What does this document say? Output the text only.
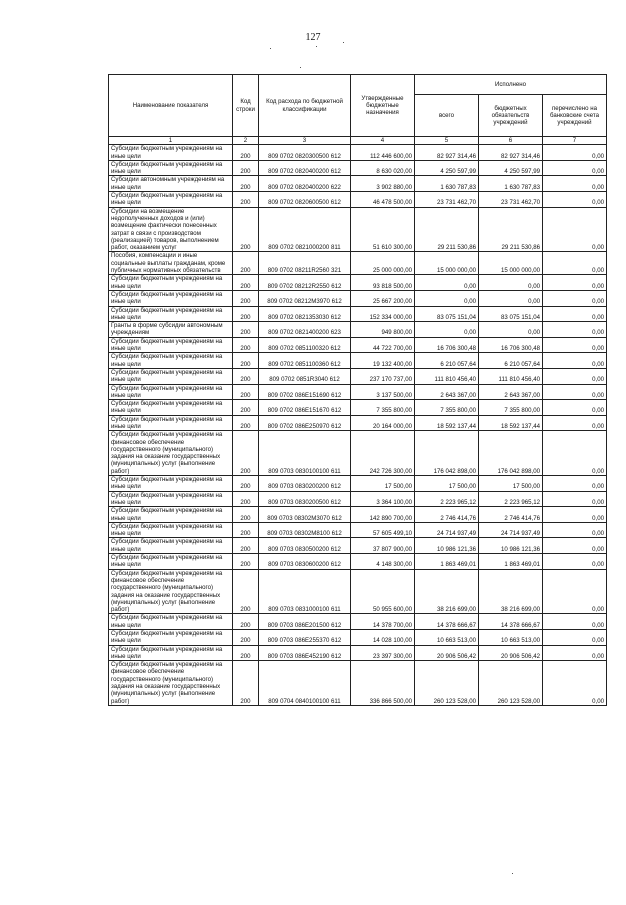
127
Наименование показателя	Код строки	Код расхода по бюджетной классификации	Утвержденные бюджетные назначения	Исполнено		
				всего	бюджетных обязательств учреждений	перечислено на банковские счета учреждений
1	2	3	4	5	6	7
Субсидии бюджетным учреждениям на иные цели	200	809 0702 0820300500 612	112 446 600,00	82 927 314,46	82 927 314,46	0,00
Субсидии бюджетным учреждениям на иные цели	200	809 0702 0820400200 612	8 630 020,00	4 250 597,99	4 250 597,99	0,00
Субсидии автономным учреждениям на иные цели	200	809 0702 0820400200 622	3 902 880,00	1 630 787,83	1 630 787,83	0,00
Субсидии бюджетным учреждениям на иные цели	200	809 0702 0820600500 612	46 478 500,00	23 731 462,70	23 731 462,70	0,00
Субсидии на возмещение недополученных доходов и (или) возмещение фактически понесенных затрат в связи с производством (реализацией) товаров, выполнением работ, оказанием услуг	200	809 0702 0821000200 811	51 610 300,00	29 211 530,86	29 211 530,86	0,00
Пособия, компенсации и иные социальные выплаты гражданам, кроме публичных нормативных обязательств	200	809 0702 08211R2560 321	25 000 000,00	15 000 000,00	15 000 000,00	0,00
Субсидии бюджетным учреждениям на иные цели	200	809 0702 08212R2550 612	93 818 500,00	0,00	0,00	0,00
Субсидии бюджетным учреждениям на иные цели	200	809 0702 08212M3970 612	25 667 200,00	0,00	0,00	0,00
Субсидии бюджетным учреждениям на иные цели	200	809 0702 0821353030 612	152 334 000,00	83 075 151,04	83 075 151,04	0,00
Гранты в форме субсидии автономным учреждениям	200	809 0702 0821400200 623	949 800,00	0,00	0,00	0,00
Субсидии бюджетным учреждениям на иные цели	200	809 0702 0851100320 612	44 722 700,00	16 706 300,48	16 706 300,48	0,00
Субсидии бюджетным учреждениям на иные цели	200	809 0702 0851100360 612	19 132 400,00	6 210 057,64	6 210 057,64	0,00
Субсидии бюджетным учреждениям на иные цели	200	809 0702 0851R3040 612	237 170 737,00	111 810 456,40	111 810 456,40	0,00
Субсидии бюджетным учреждениям на иные цели	200	809 0702 086E151690 612	3 137 500,00	2 643 367,00	2 643 367,00	0,00
Субсидии бюджетным учреждениям на иные цели	200	809 0702 086E151670 612	7 355 800,00	7 355 800,00	7 355 800,00	0,00
Субсидии бюджетным учреждениям на иные цели	200	809 0702 086E250970 612	20 164 000,00	18 592 137,44	18 592 137,44	0,00
Субсидии бюджетным учреждениям на финансовое обеспечение государственного (муниципального) задания на оказание государственных (муниципальных) услуг (выполнение работ)	200	809 0703 0830100100 611	242 726 300,00	176 042 898,00	176 042 898,00	0,00
Субсидии бюджетным учреждениям на иные цели	200	809 0703 0830200200 612	17 500,00	17 500,00	17 500,00	0,00
Субсидии бюджетным учреждениям на иные цели	200	809 0703 0830200500 612	3 364 100,00	2 223 965,12	2 223 965,12	0,00
Субсидии бюджетным учреждениям на иные цели	200	809 0703 08302M3070 612	142 890 700,00	2 746 414,76	2 746 414,76	0,00
Субсидии бюджетным учреждениям на иные цели	200	809 0703 08302M8100 612	57 605 499,10	24 714 937,49	24 714 937,49	0,00
Субсидии бюджетным учреждениям на иные цели	200	809 0703 0830500200 612	37 807 900,00	10 986 121,36	10 986 121,36	0,00
Субсидии бюджетным учреждениям на иные цели	200	809 0703 0830600200 612	4 148 300,00	1 863 469,01	1 863 469,01	0,00
Субсидии бюджетным учреждениям на финансовое обеспечение государственного (муниципального) задания на оказание государственных (муниципальных) услуг (выполнение работ)	200	809 0703 0831000100 611	50 955 600,00	38 216 699,00	38 216 699,00	0,00
Субсидии бюджетным учреждениям на иные цели	200	809 0703 086E201500 612	14 378 700,00	14 378 666,67	14 378 666,67	0,00
Субсидии бюджетным учреждениям на иные цели	200	809 0703 086E255370 612	14 028 100,00	10 663 513,00	10 663 513,00	0,00
Субсидии бюджетным учреждениям на иные цели	200	809 0703 086E452190 612	23 397 300,00	20 906 506,42	20 906 506,42	0,00
Субсидии бюджетным учреждениям на финансовое обеспечение государственного (муниципального) задания на оказание государственных (муниципальных) услуг (выполнение работ)	200	809 0704 0840100100 611	336 866 500,00	260 123 528,00	260 123 528,00	0,00
